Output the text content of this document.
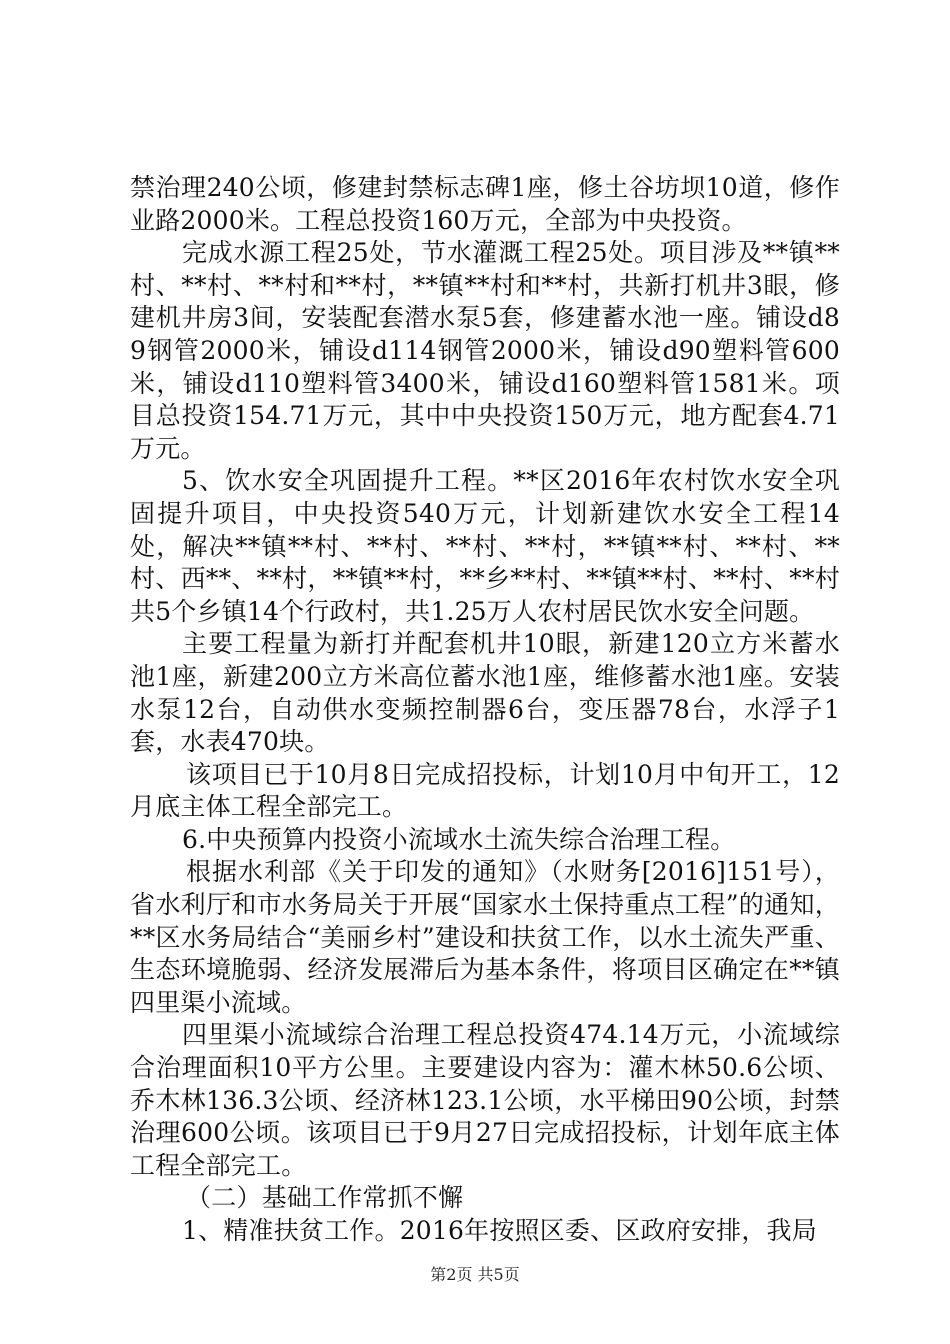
禁治理240公顷，修建封禁标志碑1座，修土谷坊坝10道，修作业路2000米。工程总投资160万元，全部为中央投资。

完成水源工程25处，节水灌溉工程25处。项目涉及**镇**村、**村、**村和**村，**镇**村和**村，共新打机井3眼，修建机井房3间，安装配套潜水泵5套，修建蓄水池一座。铺设d89钢管2000米，铺设d114钢管2000米，铺设d90塑料管600米，铺设d110塑料管3400米，铺设d160塑料管1581米。项目总投资154.71万元，其中中央投资150万元，地方配套4.71万元。

5、饮水安全巩固提升工程。**区2016年农村饮水安全巩固提升项目，中央投资540万元，计划新建饮水安全工程14处，解决**镇**村、**村、**村、**村，**镇**村、**村、**村、西**、**村，**镇**村，**乡**村、**镇**村、**村、**村共5个乡镇14个行政村，共1.25万人农村居民饮水安全问题。

主要工程量为新打并配套机井10眼，新建120立方米蓄水池1座，新建200立方米高位蓄水池1座，维修蓄水池1座。安装水泵12台，自动供水变频控制器6台，变压器78台，水浮子1套，水表470块。

该项目已于10月8日完成招投标，计划10月中旬开工，12月底主体工程全部完工。

6.中央预算内投资小流域水土流失综合治理工程。

根据水利部《关于印发的通知》（水财务[2016]151号），省水利厅和市水务局关于开展“国家水土保持重点工程”的通知，**区水务局结合“美丽乡村”建设和扶贫工作，以水土流失严重、生态环境脆弱、经济发展滞后为基本条件，将项目区确定在**镇四里渠小流域。

四里渠小流域综合治理工程总投资474.14万元，小流域综合治理面积10平方公里。主要建设内容为：灌木林50.6公顷、乔木林136.3公顷、经济林123.1公顷，水平梯田90公顷，封禁治理600公顷。该项目已于9月27日完成招投标，计划年底主体工程全部完工。

（二）基础工作常抓不懈

1、精准扶贫工作。2016年按照区委、区政府安排，我局

第2页 共5页
